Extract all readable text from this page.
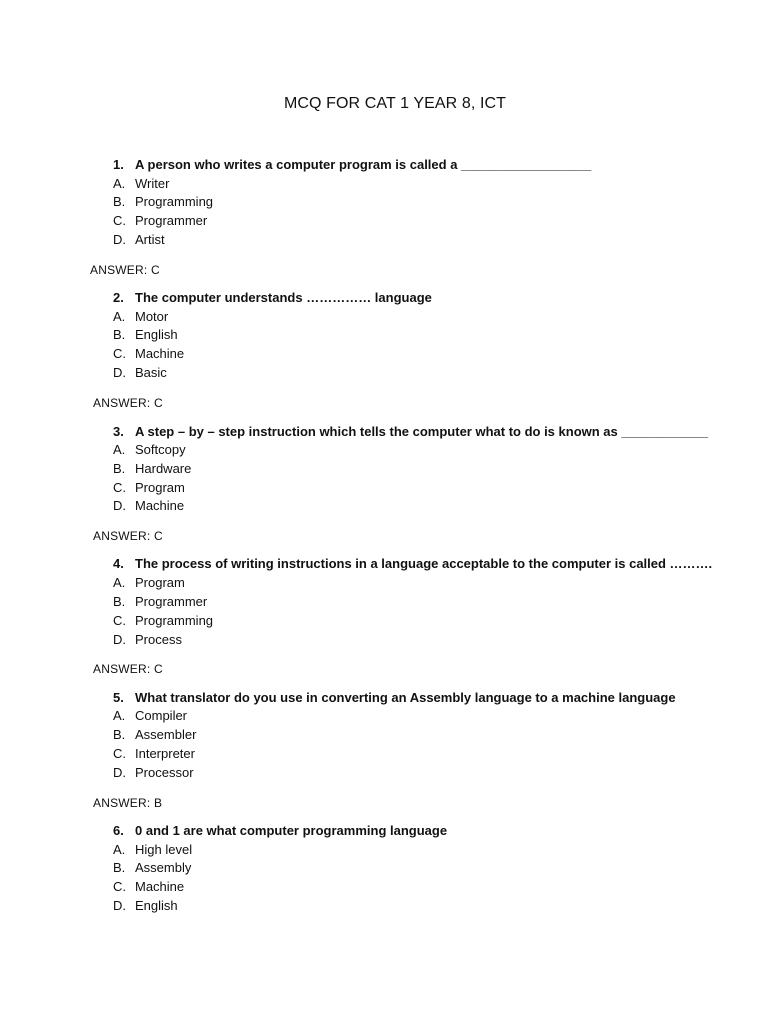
MCQ FOR CAT 1 YEAR 8, ICT
1. A person who writes a computer program is called a __________________
A. Writer
B. Programming
C. Programmer
D. Artist
ANSWER: C
2. The computer understands …………… language
A. Motor
B. English
C. Machine
D. Basic
ANSWER: C
3. A step – by – step instruction which tells the computer what to do is known as ____________
A. Softcopy
B. Hardware
C. Program
D. Machine
ANSWER: C
4. The process of writing instructions in a language acceptable to the computer is called ……….
A. Program
B. Programmer
C. Programming
D. Process
ANSWER: C
5. What translator do you use in converting an Assembly language to a machine language
A. Compiler
B. Assembler
C. Interpreter
D. Processor
ANSWER: B
6. 0 and 1 are what computer programming language
A. High level
B. Assembly
C. Machine
D. English
